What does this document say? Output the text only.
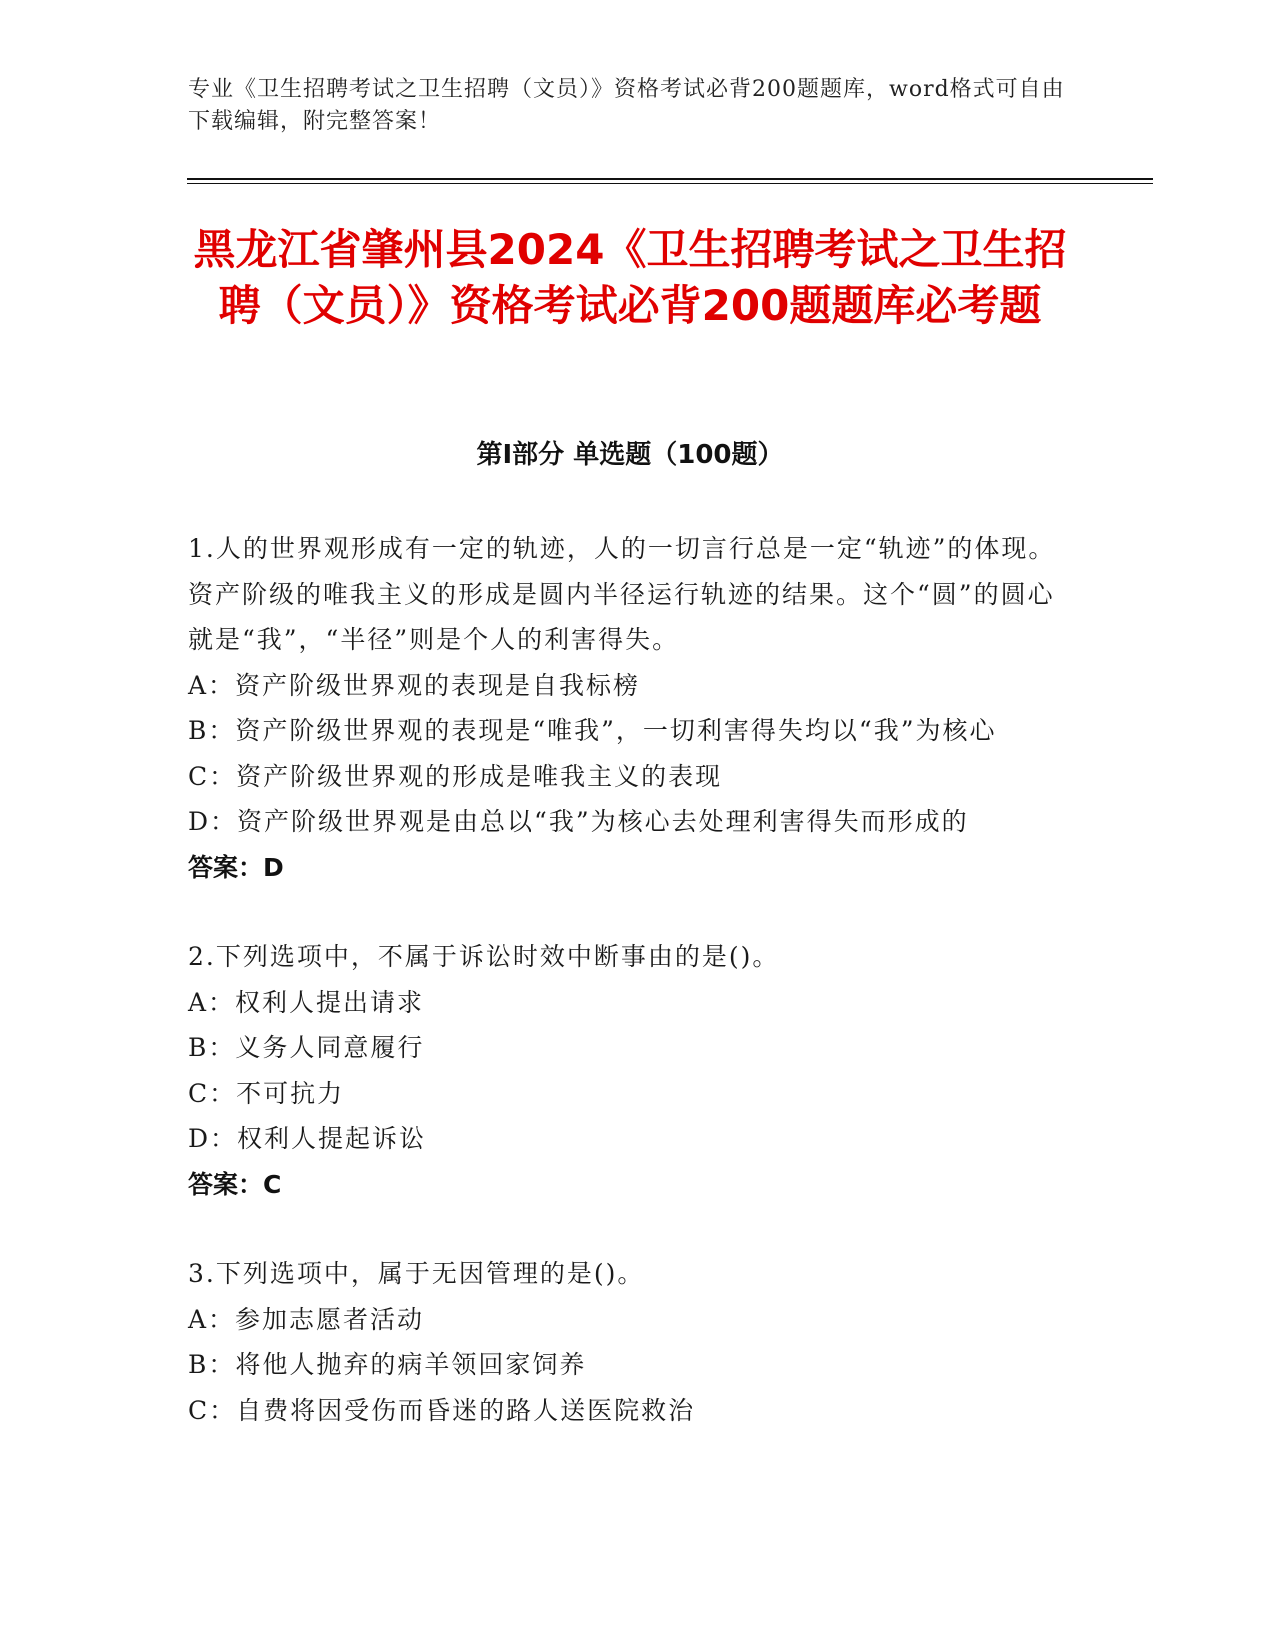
专业《卫生招聘考试之卫生招聘（文员）》资格考试必背200题题库，word格式可自由下载编辑，附完整答案！
黑龙江省肇州县2024《卫生招聘考试之卫生招聘（文员）》资格考试必背200题题库必考题
第Ⅰ部分 单选题（100题）
1.人的世界观形成有一定的轨迹，人的一切言行总是一定“轨迹”的体现。资产阶级的唯我主义的形成是圆内半径运行轨迹的结果。这个“圆”的圆心就是“我”，“半径”则是个人的利害得失。
A：资产阶级世界观的表现是自我标榜
B：资产阶级世界观的表现是“唯我”，一切利害得失均以“我”为核心
C：资产阶级世界观的形成是唯我主义的表现
D：资产阶级世界观是由总以“我”为核心去处理利害得失而形成的
答案：D
2.下列选项中，不属于诉讼时效中断事由的是()。
A：权利人提出请求
B：义务人同意履行
C：不可抗力
D：权利人提起诉讼
答案：C
3.下列选项中，属于无因管理的是()。
A：参加志愿者活动
B：将他人抛弃的病羊领回家饲养
C：自费将因受伤而昏迷的路人送医院救治
